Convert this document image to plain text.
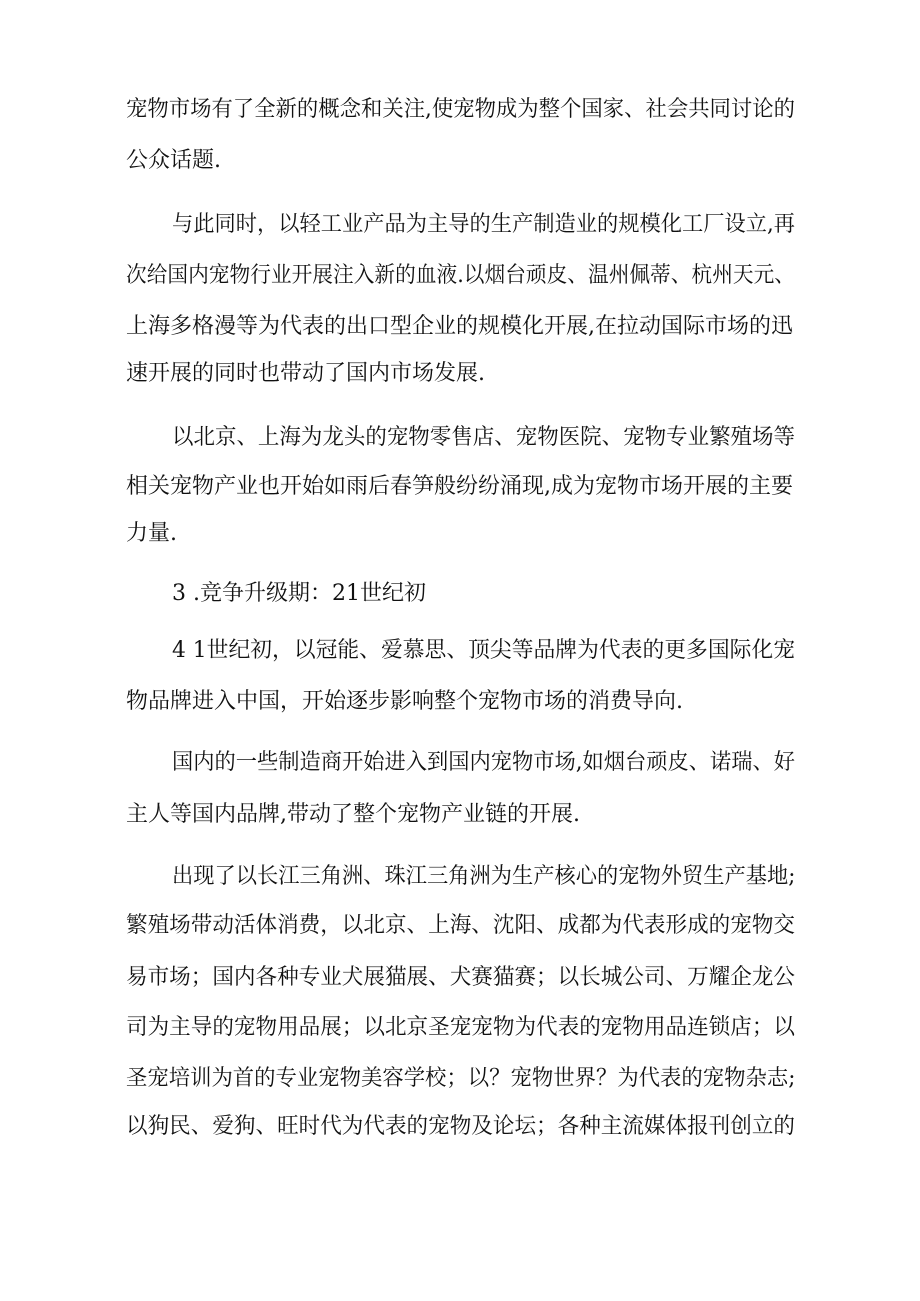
宠物市场有了全新的概念和关注,使宠物成为整个国家、社会共同讨论的
公众话题.
与此同时，以轻工业产品为主导的生产制造业的规模化工厂设立,再
次给国内宠物行业开展注入新的血液.以烟台顽皮、温州佩蒂、杭州天元、
上海多格漫等为代表的出口型企业的规模化开展,在拉动国际市场的迅
速开展的同时也带动了国内市场发展.
以北京、上海为龙头的宠物零售店、宠物医院、宠物专业繁殖场等
相关宠物产业也开始如雨后春笋般纷纷涌现,成为宠物市场开展的主要
力量.
3 .竞争升级期：21世纪初
4 1世纪初，以冠能、爱慕思、顶尖等品牌为代表的更多国际化宠
物品牌进入中国，开始逐步影响整个宠物市场的消费导向.
国内的一些制造商开始进入到国内宠物市场,如烟台顽皮、诺瑞、好
主人等国内品牌,带动了整个宠物产业链的开展.
出现了以长江三角洲、珠江三角洲为生产核心的宠物外贸生产基地;
繁殖场带动活体消费，以北京、上海、沈阳、成都为代表形成的宠物交
易市场；国内各种专业犬展猫展、犬赛猫赛；以长城公司、万耀企龙公
司为主导的宠物用品展；以北京圣宠宠物为代表的宠物用品连锁店；以
圣宠培训为首的专业宠物美容学校；以？宠物世界？为代表的宠物杂志;
以狗民、爱狗、旺时代为代表的宠物及论坛；各种主流媒体报刊创立的
